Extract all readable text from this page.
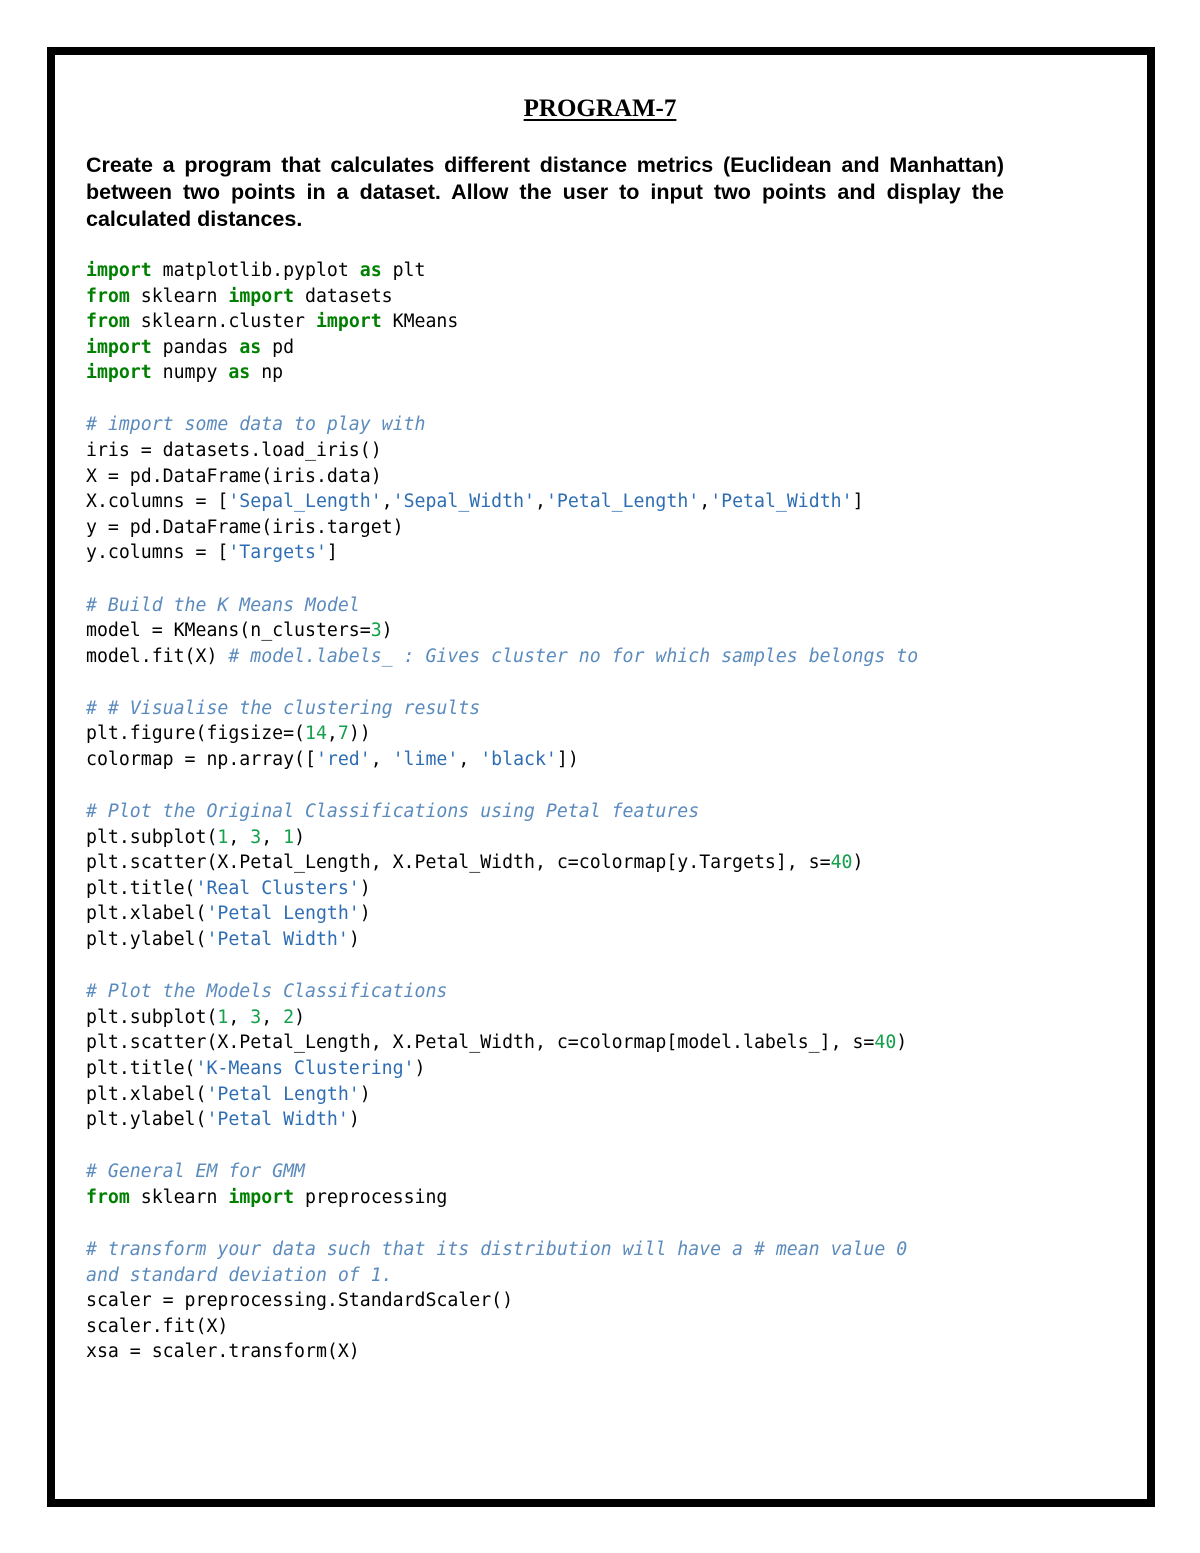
PROGRAM-7
Create a program that calculates different distance metrics (Euclidean and Manhattan) between two points in a dataset. Allow the user to input two points and display the calculated distances.
import matplotlib.pyplot as plt
from sklearn import datasets
from sklearn.cluster import KMeans
import pandas as pd
import numpy as np
# import some data to play with
iris = datasets.load_iris()
X = pd.DataFrame(iris.data)
X.columns = ['Sepal_Length','Sepal_Width','Petal_Length','Petal_Width']
y = pd.DataFrame(iris.target)
y.columns = ['Targets']
# Build the K Means Model
model = KMeans(n_clusters=3)
model.fit(X) # model.labels_ : Gives cluster no for which samples belongs to
# # Visualise the clustering results
plt.figure(figsize=(14,7))
colormap = np.array(['red', 'lime', 'black'])
# Plot the Original Classifications using Petal features
plt.subplot(1, 3, 1)
plt.scatter(X.Petal_Length, X.Petal_Width, c=colormap[y.Targets], s=40)
plt.title('Real Clusters')
plt.xlabel('Petal Length')
plt.ylabel('Petal Width')
# Plot the Models Classifications
plt.subplot(1, 3, 2)
plt.scatter(X.Petal_Length, X.Petal_Width, c=colormap[model.labels_], s=40)
plt.title('K-Means Clustering')
plt.xlabel('Petal Length')
plt.ylabel('Petal Width')
# General EM for GMM
from sklearn import preprocessing
# transform your data such that its distribution will have a # mean value 0
and standard deviation of 1.
scaler = preprocessing.StandardScaler()
scaler.fit(X)
xsa = scaler.transform(X)
